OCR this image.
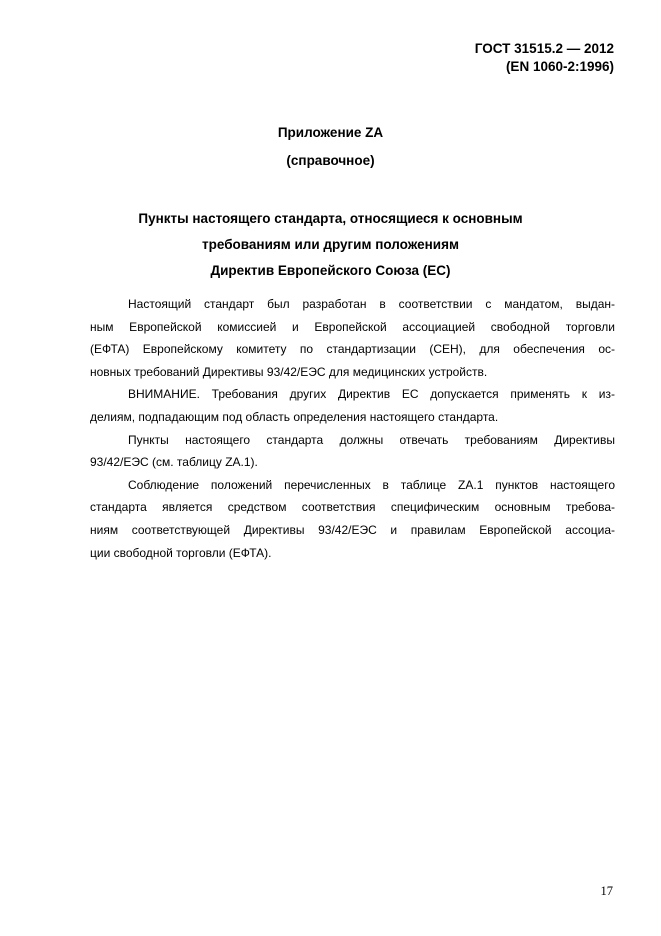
ГОСТ 31515.2 — 2012
(EN 1060-2:1996)
Приложение ZA
(справочное)
Пункты настоящего стандарта, относящиеся к основным
требованиям или другим положениям
Директив Европейского Союза (ЕС)
Настоящий стандарт был разработан в соответствии с мандатом, выдан-
ным Европейской комиссией и Европейской ассоциацией свободной торговли
(ЕФТА) Европейскому комитету по стандартизации (СЕН), для обеспечения ос-
новных требований Директивы 93/42/ЕЭС для медицинских устройств.
ВНИМАНИЕ. Требования других Директив ЕС допускается применять к из-
делиям, подпадающим под область определения настоящего стандарта.
Пункты настоящего стандарта должны отвечать требованиям Директивы
93/42/ЕЭС (см. таблицу ZA.1).
Соблюдение положений перечисленных в таблице ZA.1 пунктов настоящего
стандарта является средством соответствия специфическим основным требова-
ниям соответствующей Директивы 93/42/ЕЭС и правилам Европейской ассоциа-
ции свободной торговли (ЕФТА).
17
